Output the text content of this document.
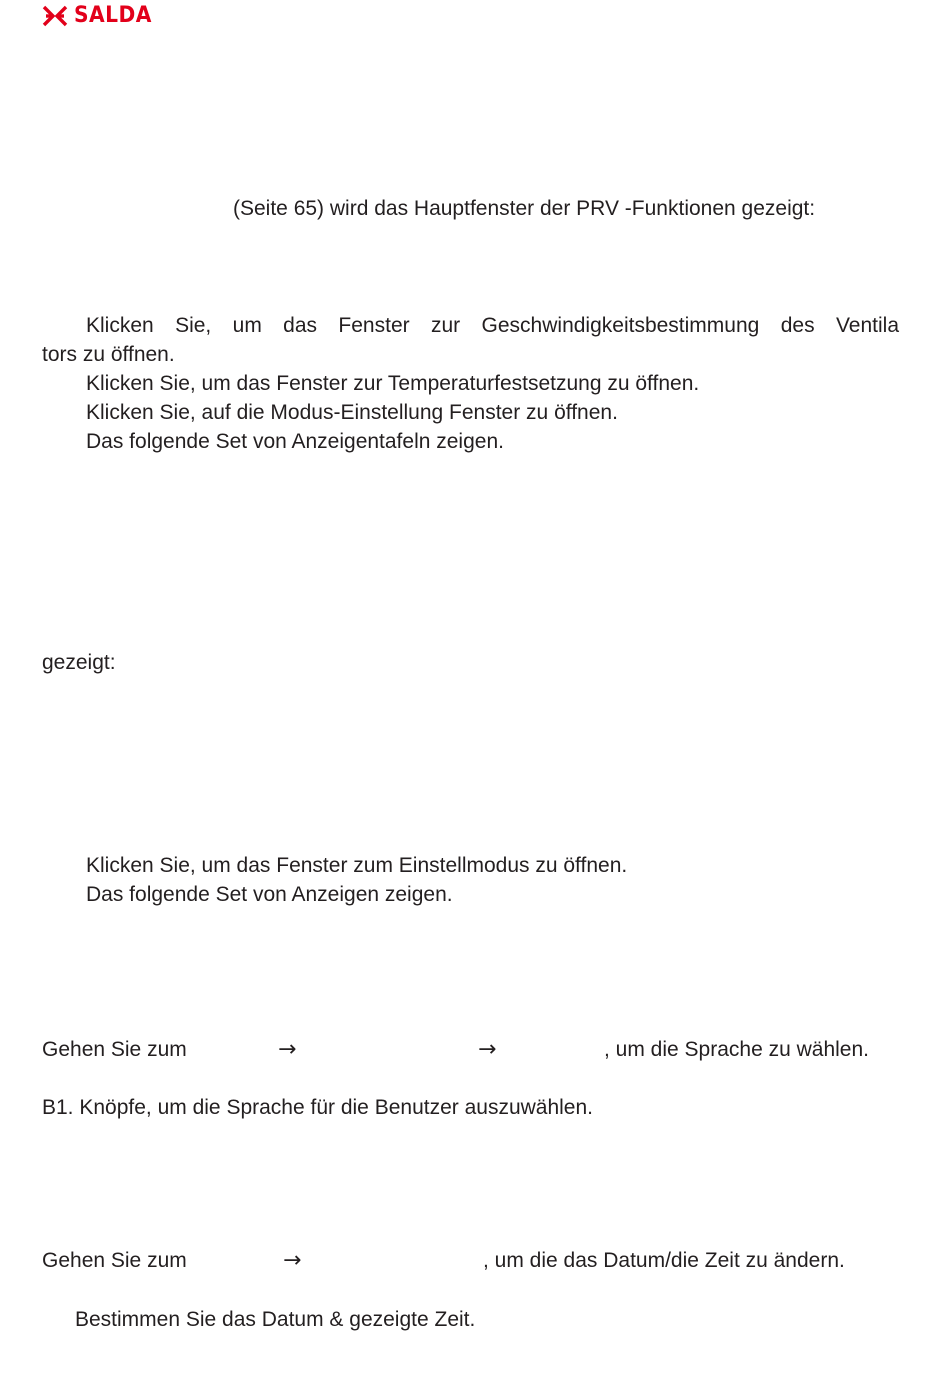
SALDA
(Seite 65) wird das Hauptfenster der PRV -Funktionen gezeigt:
Klicken Sie, um das Fenster zur Geschwindigkeitsbestimmung des Ventila
tors zu öffnen.
Klicken Sie, um das Fenster zur Temperaturfestsetzung zu öffnen.
Klicken Sie, auf die Modus-Einstellung Fenster zu öffnen.
Das folgende Set von Anzeigentafeln zeigen.
gezeigt:
Klicken Sie, um das Fenster zum Einstellmodus zu öffnen.
Das folgende Set von Anzeigen zeigen.
Gehen Sie zum	→	→	, um die Sprache zu wählen.
B1. Knöpfe, um die Sprache für die Benutzer auszuwählen.
Gehen Sie zum	→	, um die das Datum/die Zeit zu ändern.
Bestimmen Sie das Datum & gezeigte Zeit.
